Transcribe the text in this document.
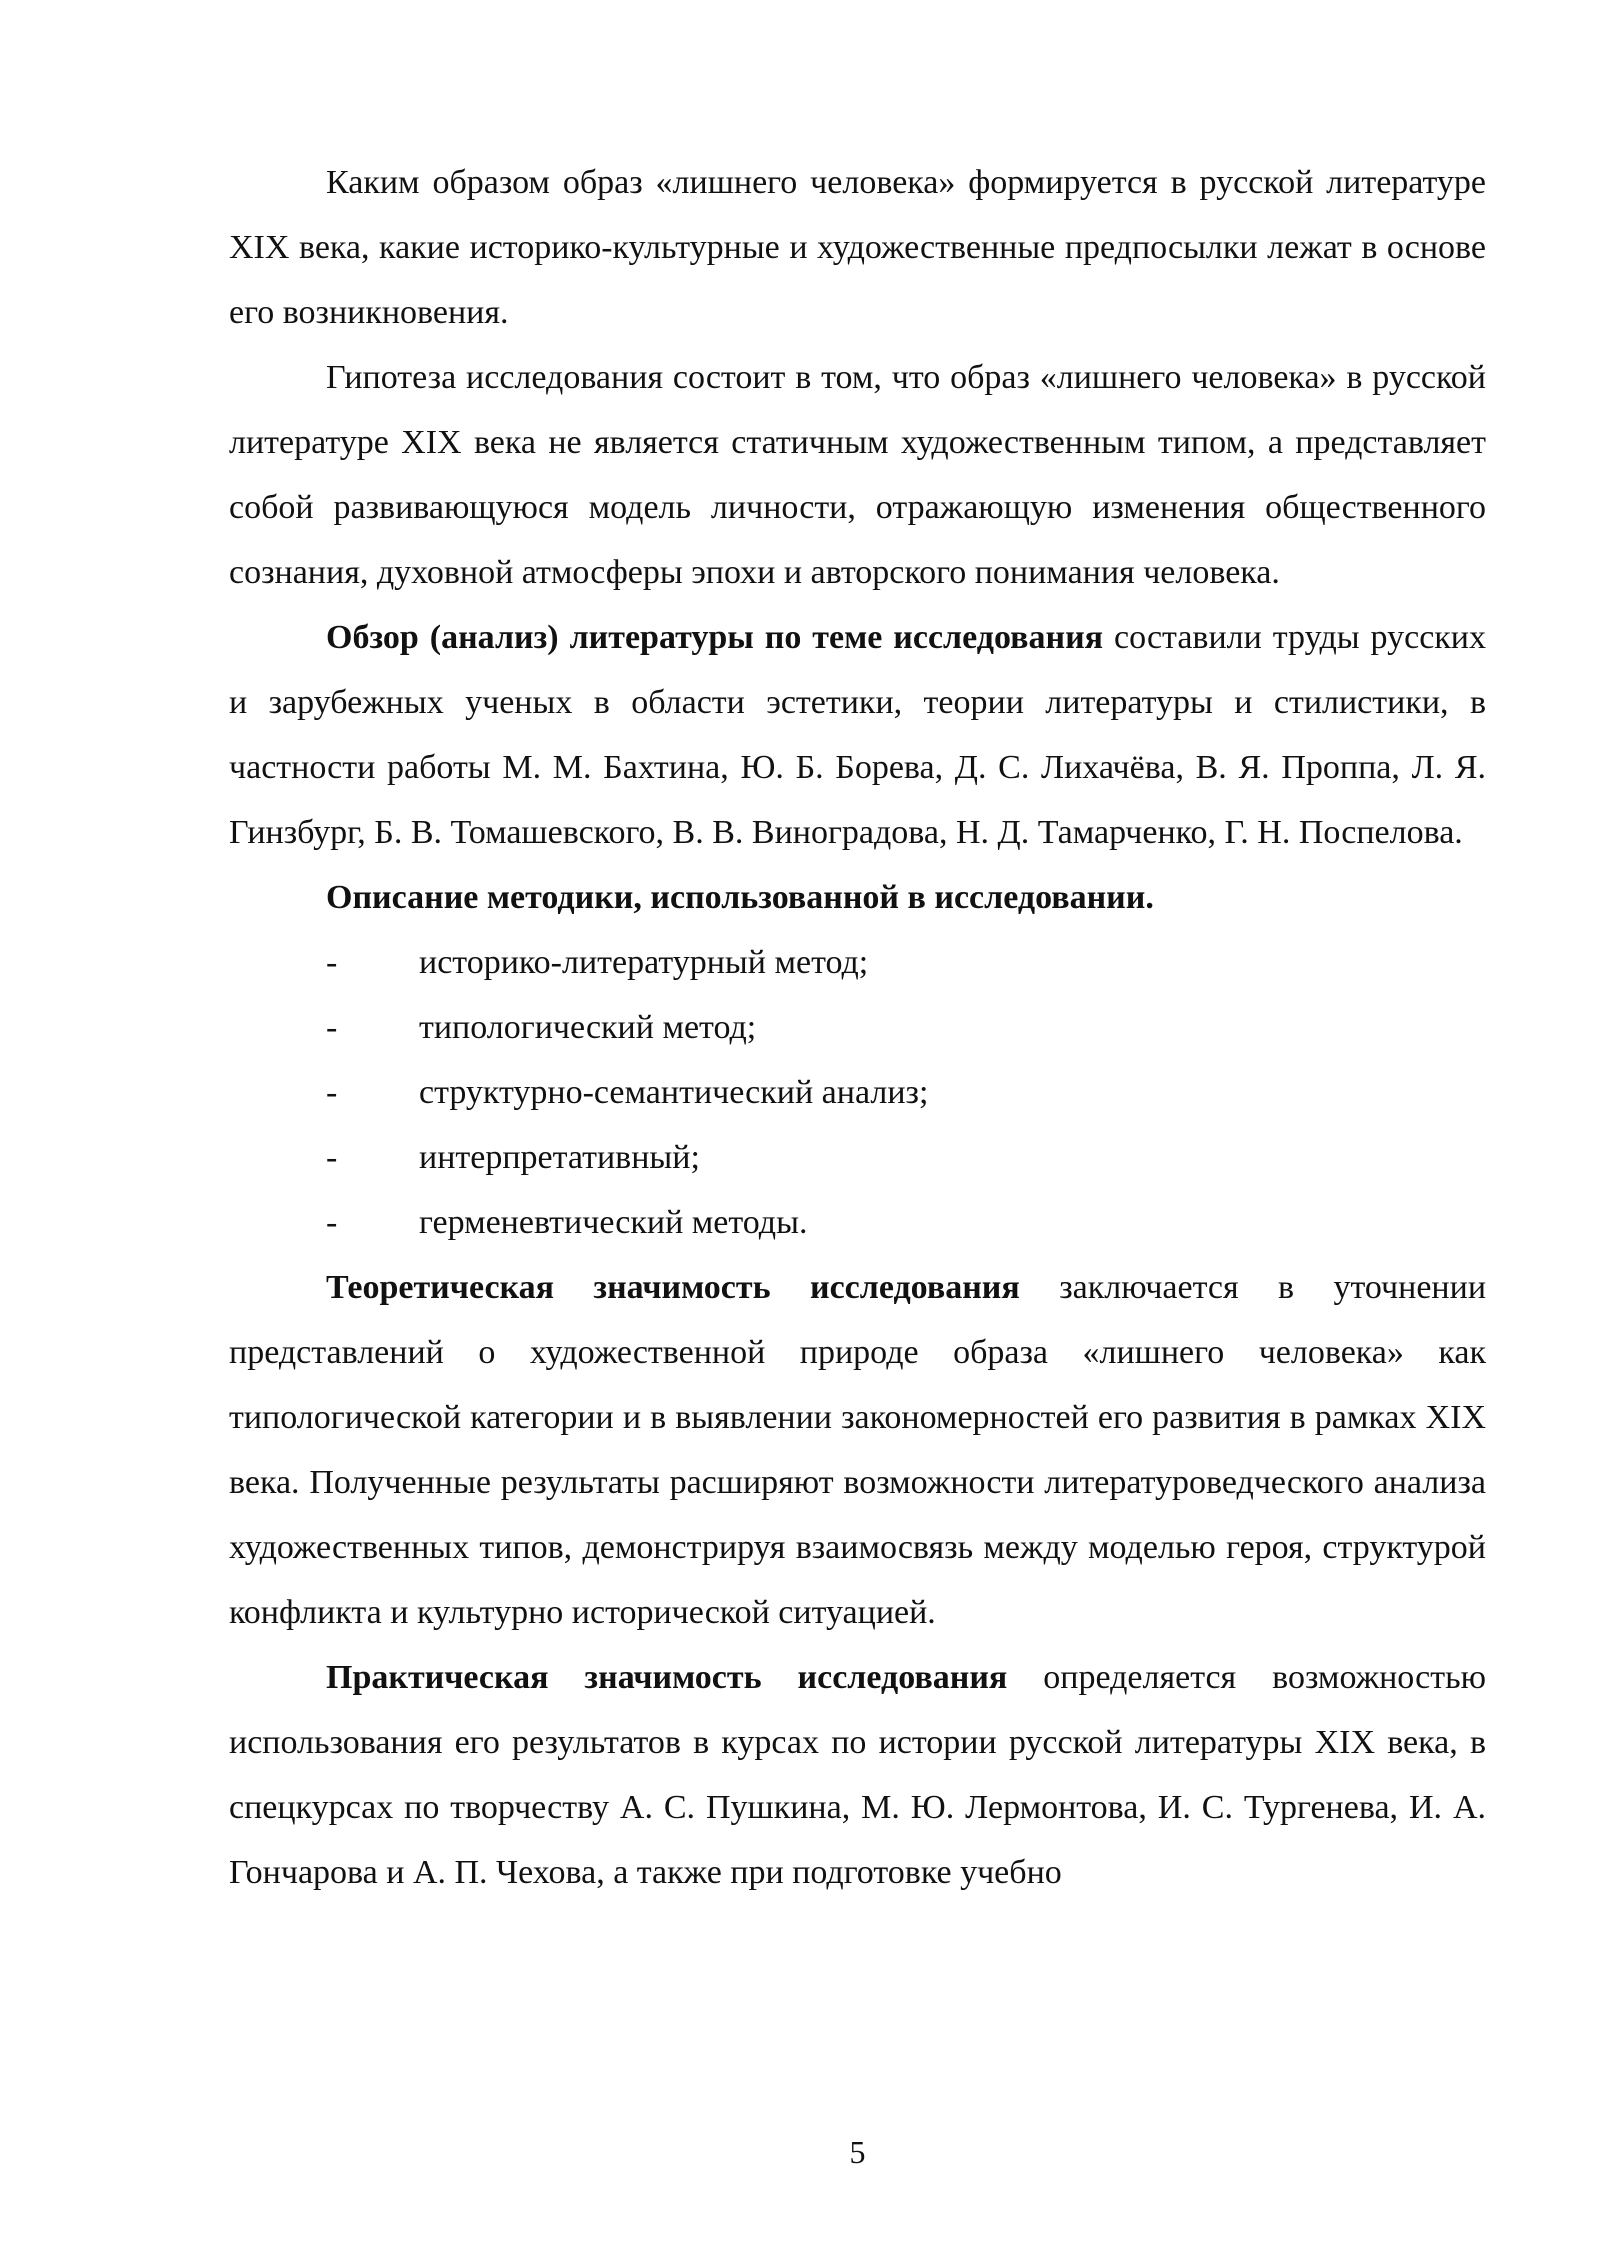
Каким образом образ «лишнего человека» формируется в русской литературе XIX века, какие историко-культурные и художественные предпосылки лежат в основе его возникновения.

Гипотеза исследования состоит в том, что образ «лишнего человека» в русской литературе XIX века не является статичным художественным типом, а представляет собой развивающуюся модель личности, отражающую изменения общественного сознания, духовной атмосферы эпохи и авторского понимания человека.

Обзор (анализ) литературы по теме исследования составили труды русских и зарубежных ученых в области эстетики, теории литературы и стилистики, в частности работы М. М. Бахтина, Ю. Б. Борева, Д. С. Лихачёва, В. Я. Проппа, Л. Я. Гинзбург, Б. В. Томашевского, В. В. Виноградова, Н. Д. Тамарченко, Г. Н. Поспелова.

Описание методики, использованной в исследовании.

- историко-литературный метод;
- типологический метод;
- структурно-семантический анализ;
- интерпретативный;
- герменевтический методы.

Теоретическая значимость исследования заключается в уточнении представлений о художественной природе образа «лишнего человека» как типологической категории и в выявлении закономерностей его развития в рамках XIX века. Полученные результаты расширяют возможности литературоведческого анализа художественных типов, демонстрируя взаимосвязь между моделью героя, структурой конфликта и культурно исторической ситуацией.

Практическая значимость исследования определяется возможностью использования его результатов в курсах по истории русской литературы XIX века, в спецкурсах по творчеству А. С. Пушкина, М. Ю. Лермонтова, И. С. Тургенева, И. А. Гончарова и А. П. Чехова, а также при подготовке учебно

5
